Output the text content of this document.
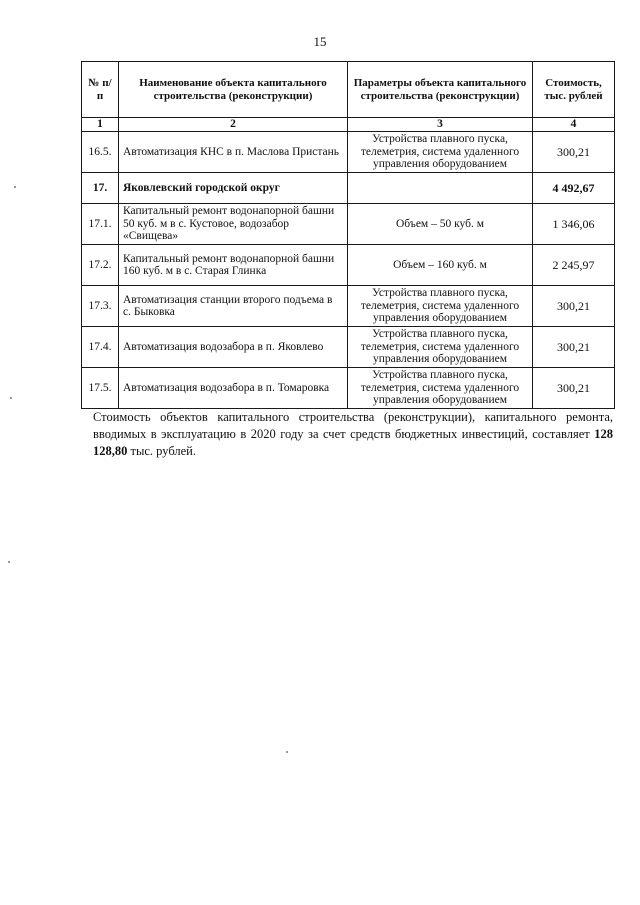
15
№ п/п	Наименование объекта капитального строительства (реконструкции)	Параметры объекта капитального строительства (реконструкции)	Стоимость, тыс. рублей
1	2	3	4
16.5.	Автоматизация КНС в п. Маслова Пристань	Устройства плавного пуска, телеметрия, система удаленного управления оборудованием	300,21
17.	Яковлевский городской округ		4 492,67
17.1.	Капитальный ремонт водонапорной башни 50 куб. м в с. Кустовое, водозабор «Свищева»	Объем – 50 куб. м	1 346,06
17.2.	Капитальный ремонт водонапорной башни 160 куб. м в с. Старая Глинка	Объем – 160 куб. м	2 245,97
17.3.	Автоматизация станции второго подъема в с. Быковка	Устройства плавного пуска, телеметрия, система удаленного управления оборудованием	300,21
17.4.	Автоматизация водозабора в п. Яковлево	Устройства плавного пуска, телеметрия, система удаленного управления оборудованием	300,21
17.5.	Автоматизация водозабора в п. Томаровка	Устройства плавного пуска, телеметрия, система удаленного управления оборудованием	300,21
Стоимость объектов капитального строительства (реконструкции), капитального ремонта, вводимых в эксплуатацию в 2020 году за счет средств бюджетных инвестиций, составляет 128 128,80 тыс. рублей.
